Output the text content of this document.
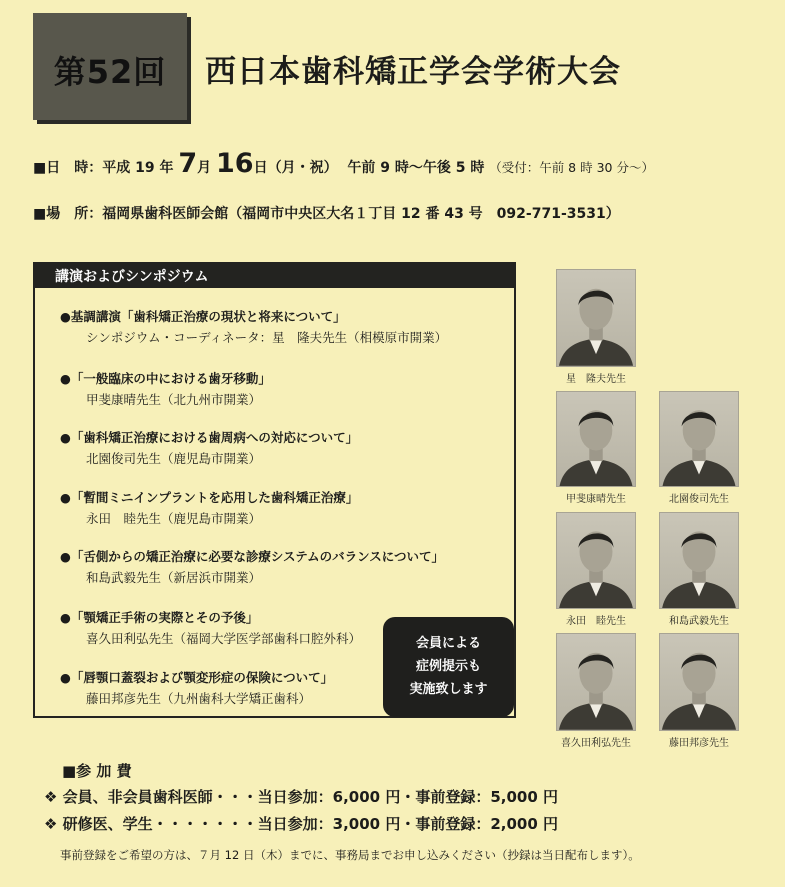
第52回	西日本歯科矯正学会学術大会
■日　時：平成 19 年 7月 16日（月・祝） 午前 9 時〜午後 5 時 （受付：午前 8 時 30 分〜）
■場　所：福岡県歯科医師会館（福岡市中央区大名１丁目 12 番 43 号　092-771-3531）
講演およびシンポジウム
●基調講演「歯科矯正治療の現状と将来について」
シンポジウム・コーディネータ：星　隆夫先生（相模原市開業）
●「一般臨床の中における歯牙移動」
甲斐康晴先生（北九州市開業）
●「歯科矯正治療における歯周病への対応について」
北園俊司先生（鹿児島市開業）
●「暫間ミニインプラントを応用した歯科矯正治療」
永田　睦先生（鹿児島市開業）
●「舌側からの矯正治療に必要な診療システムのバランスについて」
和島武毅先生（新居浜市開業）
●「顎矯正手術の実際とその予後」
喜久田利弘先生（福岡大学医学部歯科口腔外科）
●「唇顎口蓋裂および顎変形症の保険について」
藤田邦彦先生（九州歯科大学矯正歯科）
会員による
症例提示も
実施致します
星　隆夫先生
甲斐康晴先生	北園俊司先生
永田　睦先生	和島武毅先生
喜久田利弘先生	藤田邦彦先生
■参 加 費
❖ 会員、非会員歯科医師・・・当日参加：6,000 円・事前登録：5,000 円
❖ 研修医、学生・・・・・・・当日参加：3,000 円・事前登録：2,000 円
事前登録をご希望の方は、７月 12 日（木）までに、事務局までお申し込みください（抄録は当日配布します）。
